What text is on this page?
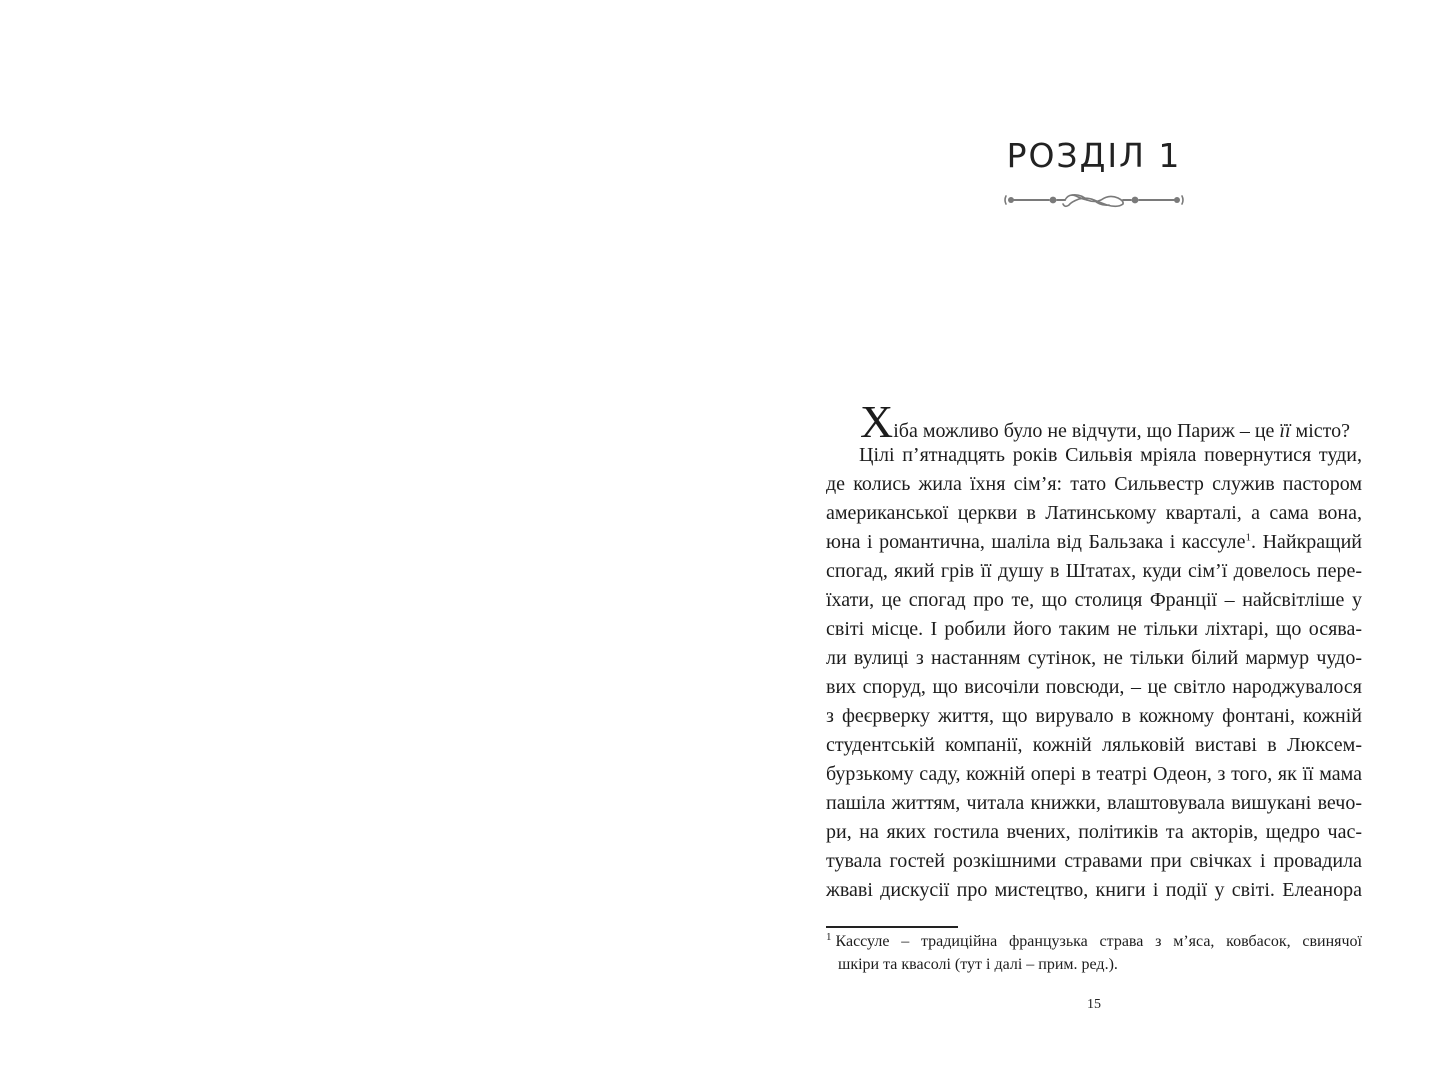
РОЗДІЛ 1
Хіба можливо було не відчути, що Париж – це її місто?
Цілі п’ятнадцять років Сильвія мріяла повернутися туди,
де колись жила їхня сім’я: тато Сильвестр служив пастором
американської церкви в Латинському кварталі, а сама вона,
юна і романтична, шаліла від Бальзака і кассуле$^1$. Найкращий
спогад, який грів її душу в Штатах, куди сім’ї довелось пере-
їхати, це спогад про те, що столиця Франції – найсвітліше у
світі місце. І робили його таким не тільки ліхтарі, що осява-
ли вулиці з настанням сутінок, не тільки білий мармур чудо-
вих споруд, що височіли повсюди, – це світло народжувалося
з феєрверку життя, що вирувало в кожному фонтані, кожній
студентській компанії, кожній ляльковій виставі в Люксем-
бурзькому саду, кожній опері в театрі Одеон, з того, як її мама
пашіла життям, читала книжки, влаштовувала вишукані вечо-
ри, на яких гостила вчених, політиків та акторів, щедро час-
тувала гостей розкішними стравами при свічках і провадила
жваві дискусії про мистецтво, книги і події у світі. Елеанора
$^1$ Кассуле – традиційна французька страва з м’яса, ковбасок, свинячої
шкіри та квасолі (тут і далі – прим. ред.).
15
